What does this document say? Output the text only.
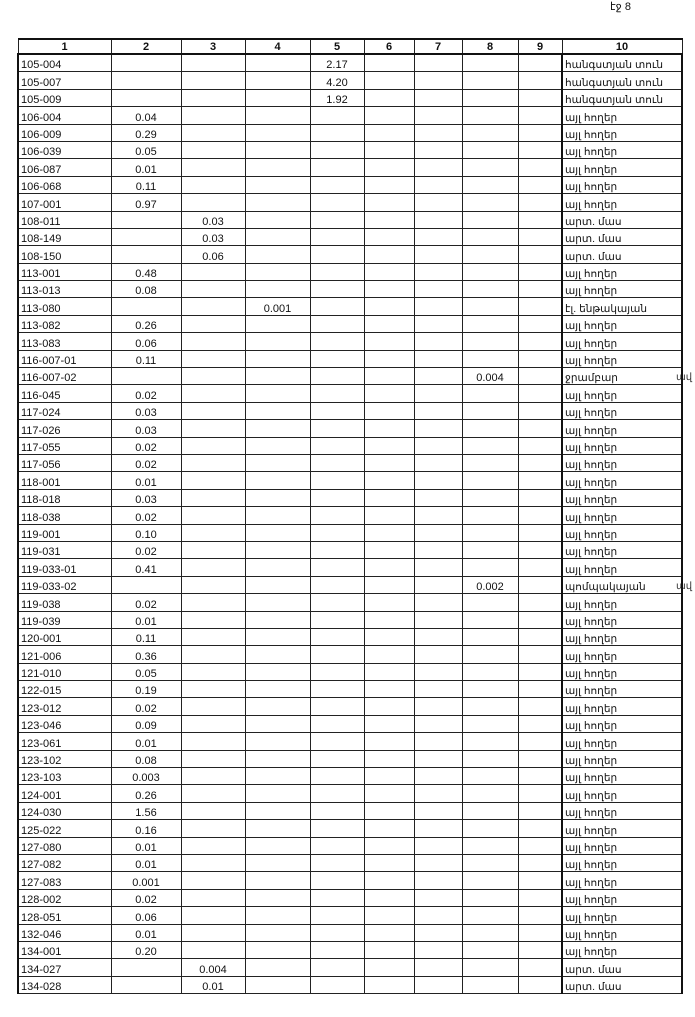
էջ 8
ավ
ավ
1	2	3	4	5	6	7	8	9	10
105-004				2.17					հանգստյան տուն
105-007				4.20					հանգստյան տուն
105-009				1.92					հանգստյան տուն
106-004	0.04								այլ հողեր
106-009	0.29								այլ հողեր
106-039	0.05								այլ հողեր
106-087	0.01								այլ հողեր
106-068	0.11								այլ հողեր
107-001	0.97								այլ հողեր
108-011		0.03							արտ. մաս
108-149		0.03							արտ. մաս
108-150		0.06							արտ. մաս
113-001	0.48								այլ հողեր
113-013	0.08								այլ հողեր
113-080			0.001						էլ. ենթակայան
113-082	0.26								այլ հողեր
113-083	0.06								այլ հողեր
116-007-01	0.11								այլ հողեր
116-007-02							0.004		ջրամբար
116-045	0.02								այլ հողեր
117-024	0.03								այլ հողեր
117-026	0.03								այլ հողեր
117-055	0.02								այլ հողեր
117-056	0.02								այլ հողեր
118-001	0.01								այլ հողեր
118-018	0.03								այլ հողեր
118-038	0.02								այլ հողեր
119-001	0.10								այլ հողեր
119-031	0.02								այլ հողեր
119-033-01	0.41								այլ հողեր
119-033-02							0.002		պոմպակայան
119-038	0.02								այլ հողեր
119-039	0.01								այլ հողեր
120-001	0.11								այլ հողեր
121-006	0.36								այլ հողեր
121-010	0.05								այլ հողեր
122-015	0.19								այլ հողեր
123-012	0.02								այլ հողեր
123-046	0.09								այլ հողեր
123-061	0.01								այլ հողեր
123-102	0.08								այլ հողեր
123-103	0.003								այլ հողեր
124-001	0.26								այլ հողեր
124-030	1.56								այլ հողեր
125-022	0.16								այլ հողեր
127-080	0.01								այլ հողեր
127-082	0.01								այլ հողեր
127-083	0.001								այլ հողեր
128-002	0.02								այլ հողեր
128-051	0.06								այլ հողեր
132-046	0.01								այլ հողեր
134-001	0.20								այլ հողեր
134-027		0.004							արտ. մաս
134-028		0.01							արտ. մաս
